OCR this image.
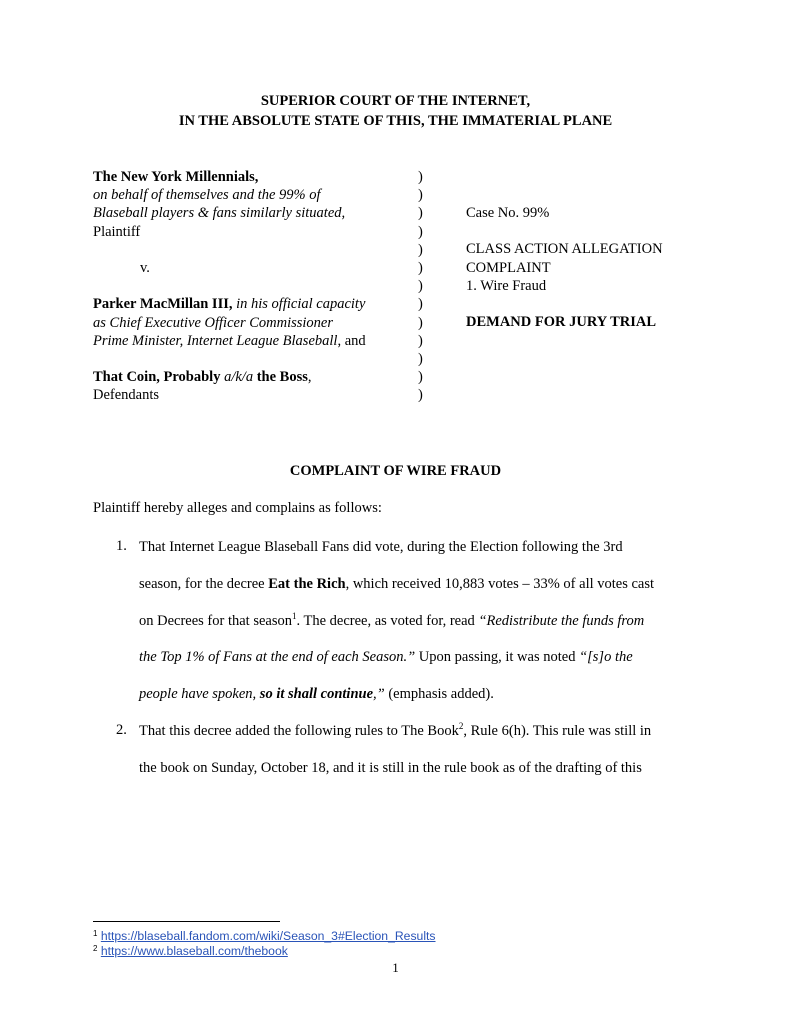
SUPERIOR COURT OF THE INTERNET,
IN THE ABSOLUTE STATE OF THIS, THE IMMATERIAL PLANE
The New York Millennials,
on behalf of themselves and the 99% of
Blaseball players & fans similarly situated,
Plaintiff

v.

Parker MacMillan III, in his official capacity
as Chief Executive Officer Commissioner
Prime Minister, Internet League Blaseball, and

That Coin, Probably a/k/a the Boss,
Defendants
)
)
)
)
)
)
)
)
)
)
)
)
)
Case No. 99%

CLASS ACTION ALLEGATION
COMPLAINT
1. Wire Fraud

DEMAND FOR JURY TRIAL
COMPLAINT OF WIRE FRAUD
Plaintiff hereby alleges and complains as follows:
1. That Internet League Blaseball Fans did vote, during the Election following the 3rd
season, for the decree Eat the Rich, which received 10,883 votes – 33% of all votes cast
on Decrees for that season$^1$. The decree, as voted for, read “Redistribute the funds from
the Top 1% of Fans at the end of each Season.” Upon passing, it was noted “[s]o the
people have spoken, so it shall continue,” (emphasis added).
2. That this decree added the following rules to The Book$^2$, Rule 6(h). This rule was still in
the book on Sunday, October 18, and it is still in the rule book as of the drafting of this
$^1$ https://blaseball.fandom.com/wiki/Season_3#Election_Results
$^2$ https://www.blaseball.com/thebook
1
